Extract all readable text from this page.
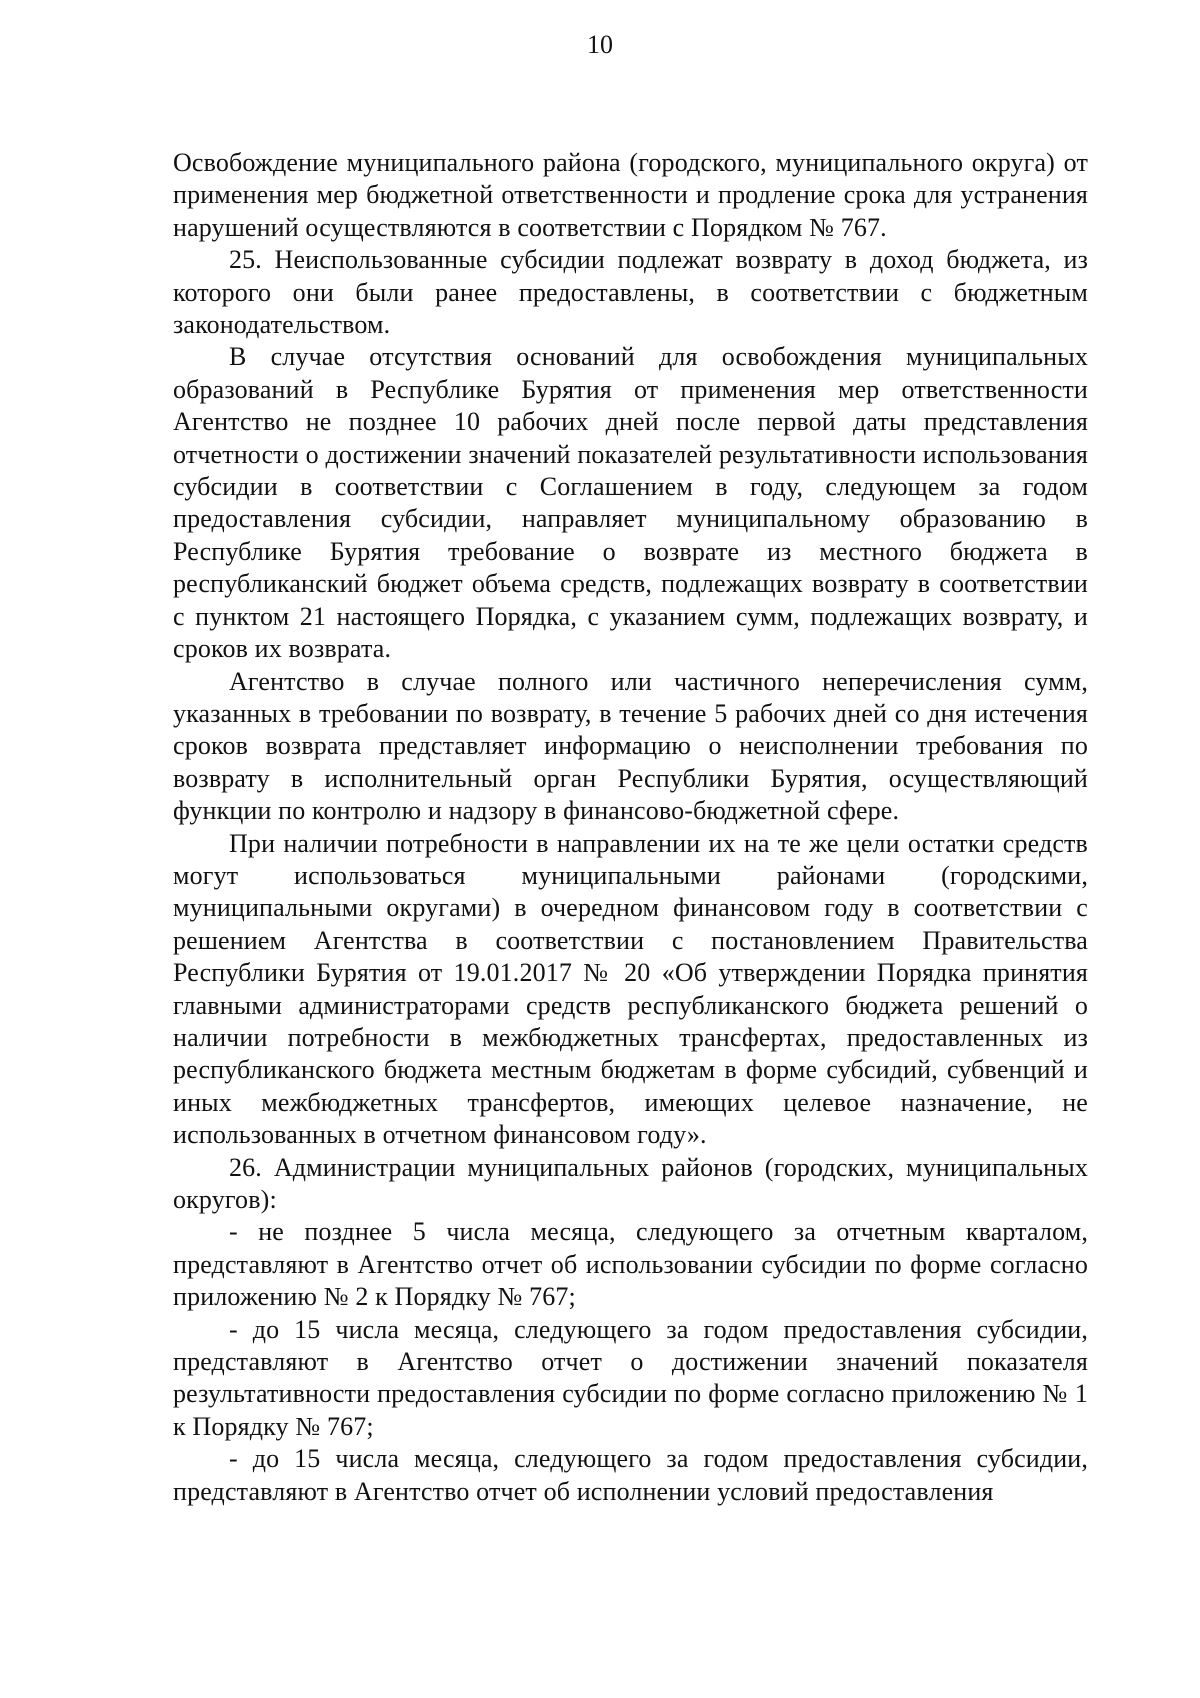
10

Освобождение муниципального района (городского, муниципального округа) от применения мер бюджетной ответственности и продление срока для устранения нарушений осуществляются в соответствии с Порядком № 767.

25. Неиспользованные субсидии подлежат возврату в доход бюджета, из которого они были ранее предоставлены, в соответствии с бюджетным законодательством.

В случае отсутствия оснований для освобождения муниципальных образований в Республике Бурятия от применения мер ответственности Агентство не позднее 10 рабочих дней после первой даты представления отчетности о достижении значений показателей результативности использования субсидии в соответствии с Соглашением в году, следующем за годом предоставления субсидии, направляет муниципальному образованию в Республике Бурятия требование о возврате из местного бюджета в республиканский бюджет объема средств, подлежащих возврату в соответствии с пунктом 21 настоящего Порядка, с указанием сумм, подлежащих возврату, и сроков их возврата.

Агентство в случае полного или частичного неперечисления сумм, указанных в требовании по возврату, в течение 5 рабочих дней со дня истечения сроков возврата представляет информацию о неисполнении требования по возврату в исполнительный орган Республики Бурятия, осуществляющий функции по контролю и надзору в финансово-бюджетной сфере.

При наличии потребности в направлении их на те же цели остатки средств могут использоваться муниципальными районами (городскими, муниципальными округами) в очередном финансовом году в соответствии с решением Агентства в соответствии с постановлением Правительства Республики Бурятия от 19.01.2017 № 20 «Об утверждении Порядка принятия главными администраторами средств республиканского бюджета решений о наличии потребности в межбюджетных трансфертах, предоставленных из республиканского бюджета местным бюджетам в форме субсидий, субвенций и иных межбюджетных трансфертов, имеющих целевое назначение, не использованных в отчетном финансовом году».

26. Администрации муниципальных районов (городских, муниципальных округов):

- не позднее 5 числа месяца, следующего за отчетным кварталом, представляют в Агентство отчет об использовании субсидии по форме согласно приложению № 2 к Порядку № 767;

- до 15 числа месяца, следующего за годом предоставления субсидии, представляют в Агентство отчет о достижении значений показателя результативности предоставления субсидии по форме согласно приложению № 1 к Порядку № 767;

- до 15 числа месяца, следующего за годом предоставления субсидии, представляют в Агентство отчет об исполнении условий предоставления
